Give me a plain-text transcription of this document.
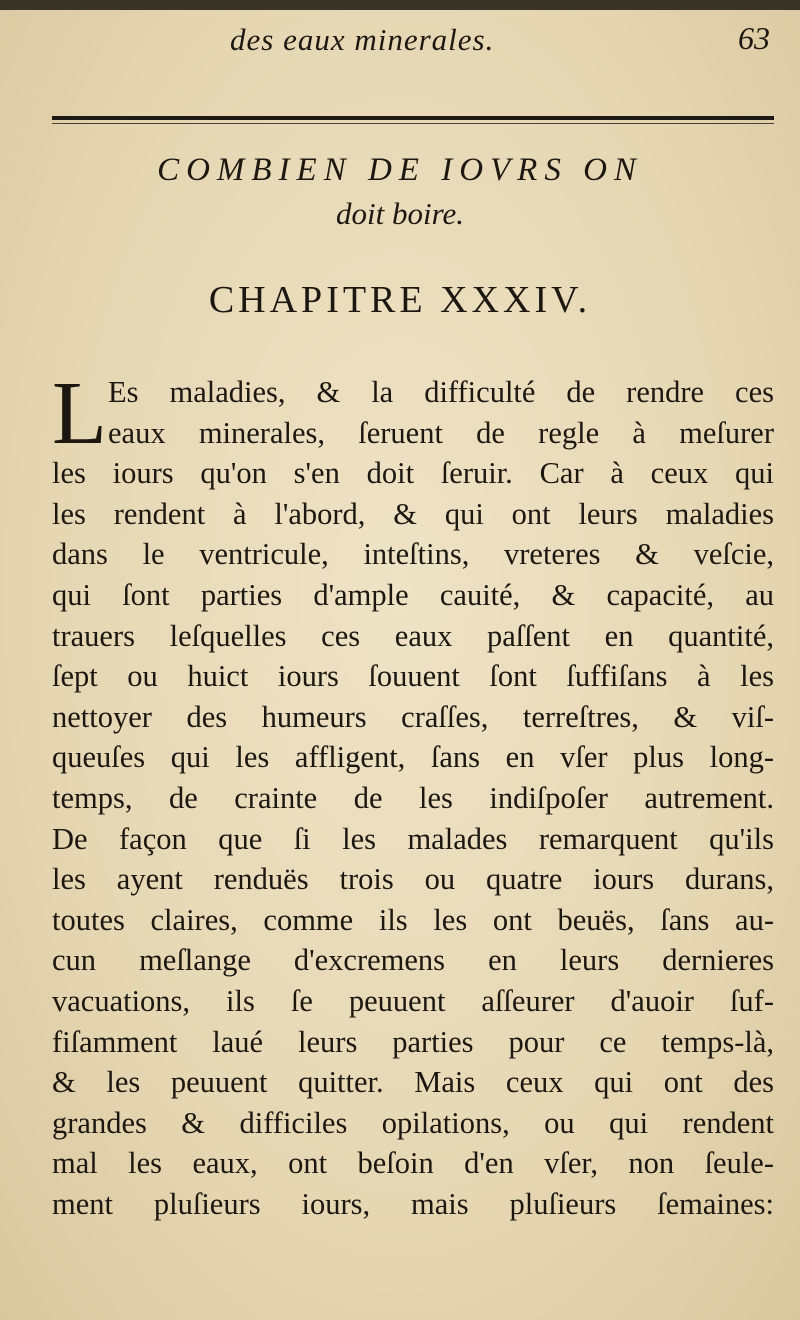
des eaux minerales.	63
COMBIEN DE IOVRS ON
doit boire.
CHAPITRE XXXIV.
L Es maladies, & la difficulté de rendre ces
eaux minerales, ſeruent de regle à meſurer
les iours qu'on s'en doit ſeruir. Car à ceux qui
les rendent à l'abord, & qui ont leurs maladies
dans le ventricule, inteſtins, vreteres & veſcie,
qui ſont parties d'ample cauité, & capacité, au
trauers leſquelles ces eaux paſſent en quantité,
ſept ou huict iours ſouuent ſont ſuffiſans à les
nettoyer des humeurs craſſes, terreſtres, & viſ-
queuſes qui les affligent, ſans en vſer plus long-
temps, de crainte de les indiſpoſer autrement.
De façon que ſi les malades remarquent qu'ils
les ayent renduës trois ou quatre iours durans,
toutes claires, comme ils les ont beuës, ſans au-
cun meſlange d'excremens en leurs dernieres
vacuations, ils ſe peuuent aſſeurer d'auoir ſuf-
fiſamment laué leurs parties pour ce temps-là,
& les peuuent quitter. Mais ceux qui ont des
grandes & difficiles opilations, ou qui rendent
mal les eaux, ont beſoin d'en vſer, non ſeule-
ment pluſieurs iours, mais pluſieurs ſemaines:
